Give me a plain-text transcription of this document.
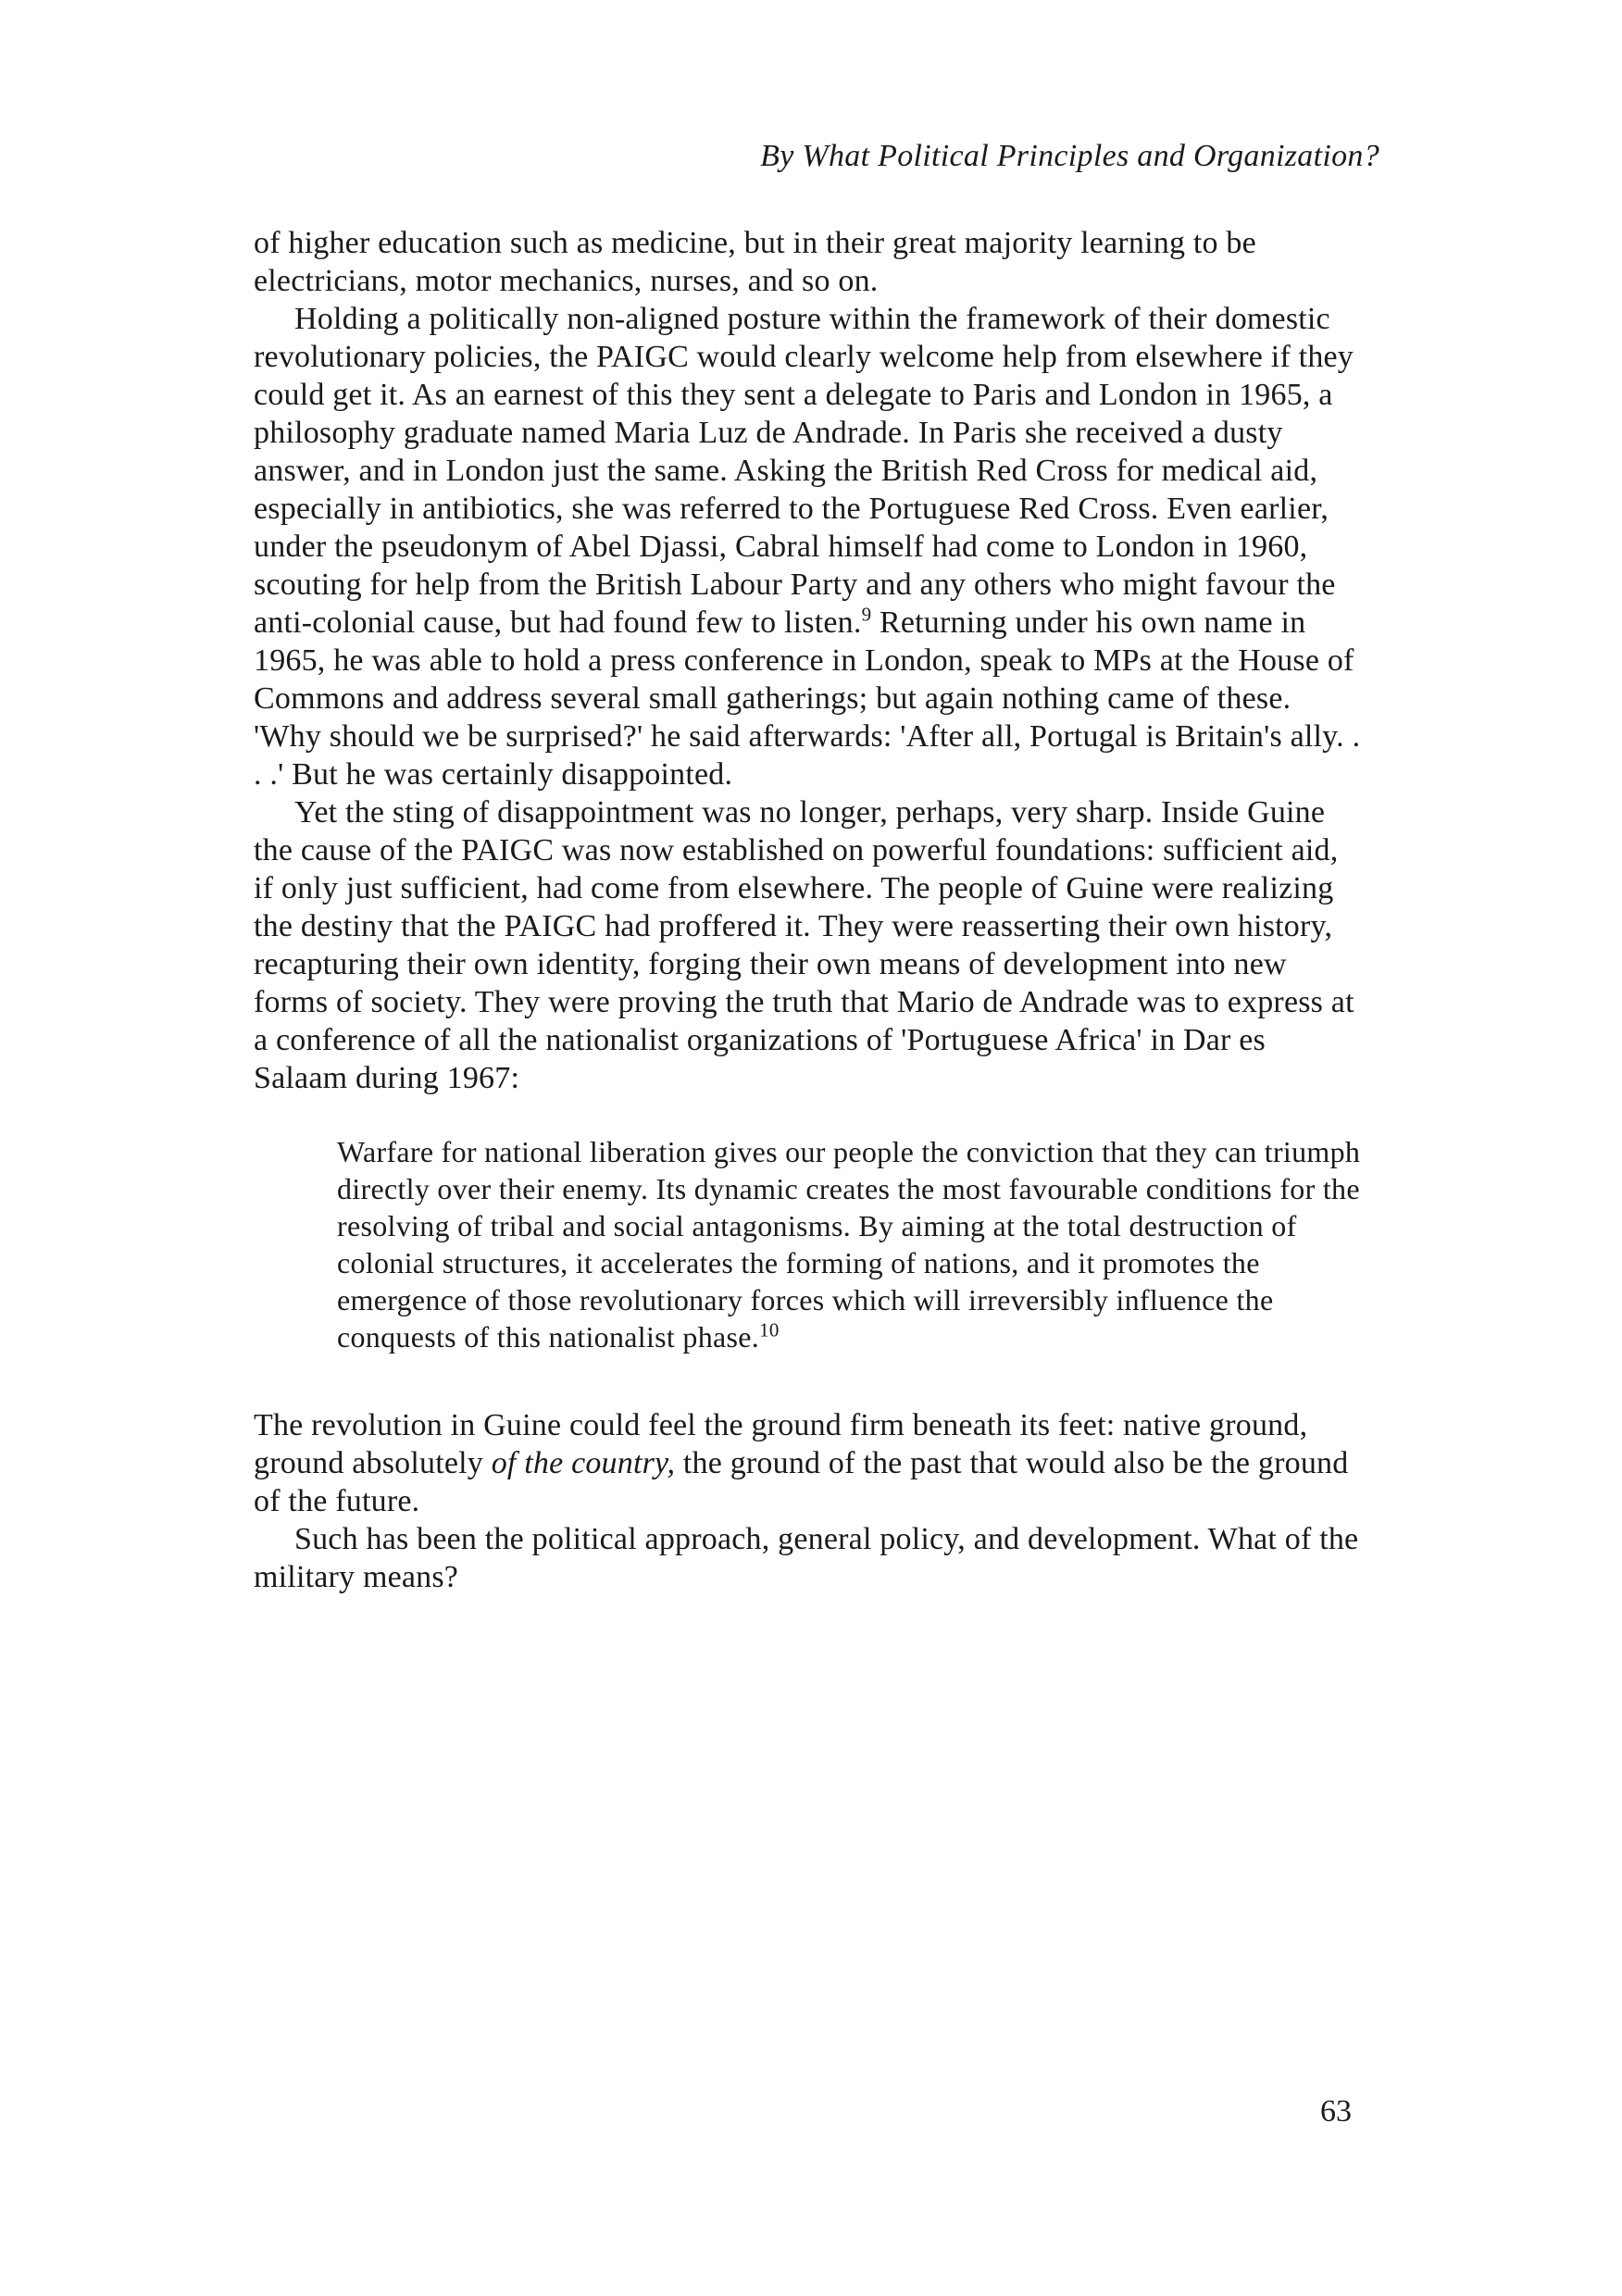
By What Political Principles and Organization?

of higher education such as medicine, but in their great majority learning to be electricians, motor mechanics, nurses, and so on.

Holding a politically non-aligned posture within the framework of their domestic revolutionary policies, the PAIGC would clearly welcome help from elsewhere if they could get it. As an earnest of this they sent a delegate to Paris and London in 1965, a philosophy graduate named Maria Luz de Andrade. In Paris she received a dusty answer, and in London just the same. Asking the British Red Cross for medical aid, especially in antibiotics, she was referred to the Portuguese Red Cross. Even earlier, under the pseudonym of Abel Djassi, Cabral himself had come to London in 1960, scouting for help from the British Labour Party and any others who might favour the anti-colonial cause, but had found few to listen.$^9$ Returning under his own name in 1965, he was able to hold a press conference in London, speak to MPs at the House of Commons and address several small gatherings; but again nothing came of these. 'Why should we be surprised?' he said afterwards: 'After all, Portugal is Britain's ally. . . .' But he was certainly disappointed.

Yet the sting of disappointment was no longer, perhaps, very sharp. Inside Guine the cause of the PAIGC was now established on powerful foundations: sufficient aid, if only just sufficient, had come from elsewhere. The people of Guine were realizing the destiny that the PAIGC had proffered it. They were reasserting their own history, recapturing their own identity, forging their own means of development into new forms of society. They were proving the truth that Mario de Andrade was to express at a conference of all the nationalist organizations of 'Portuguese Africa' in Dar es Salaam during 1967:

Warfare for national liberation gives our people the conviction that they can triumph directly over their enemy. Its dynamic creates the most favourable conditions for the resolving of tribal and social antagonisms. By aiming at the total destruction of colonial structures, it accelerates the forming of nations, and it promotes the emergence of those revolutionary forces which will irreversibly influence the conquests of this nationalist phase.$^{10}$

The revolution in Guine could feel the ground firm beneath its feet: native ground, ground absolutely of the country, the ground of the past that would also be the ground of the future.

Such has been the political approach, general policy, and development. What of the military means?

63
